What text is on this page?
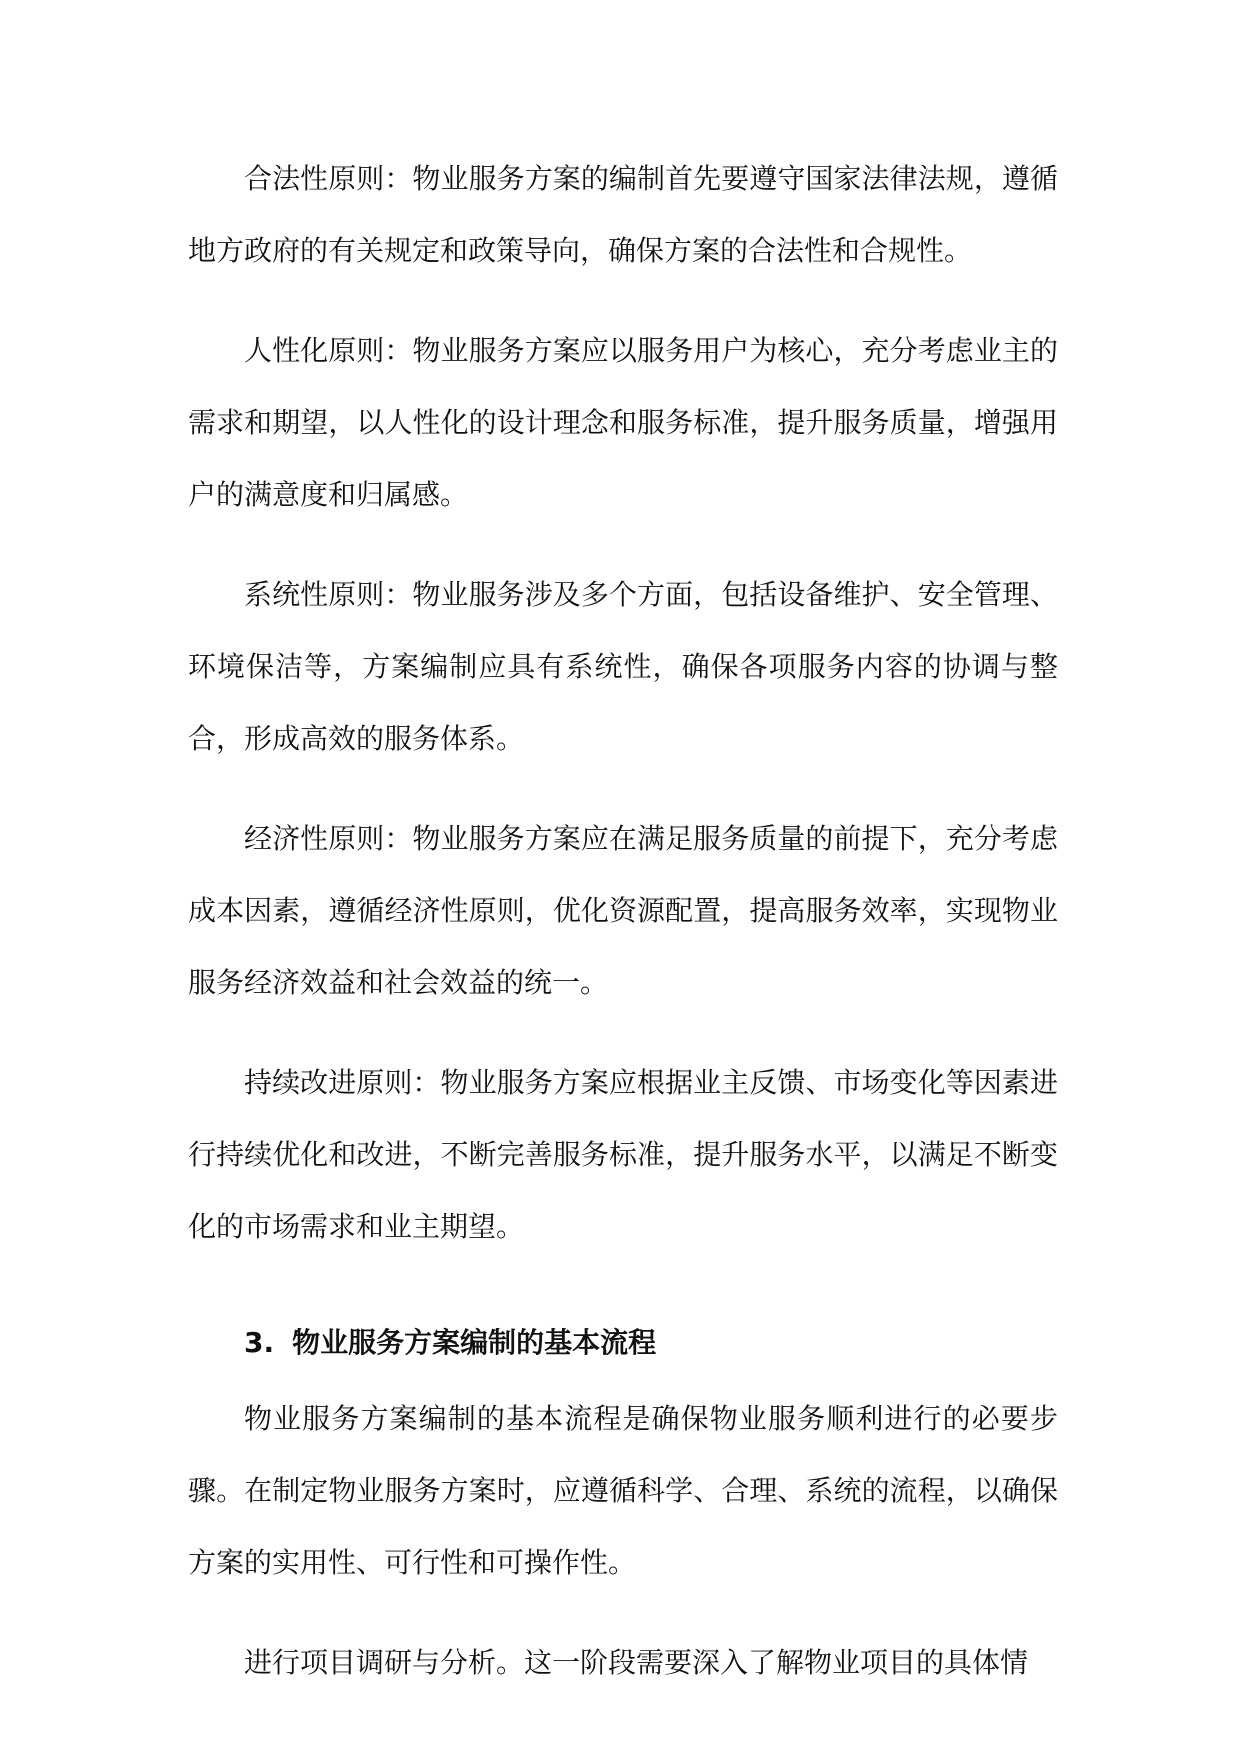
合法性原则：物业服务方案的编制首先要遵守国家法律法规，遵循地方政府的有关规定和政策导向，确保方案的合法性和合规性。

人性化原则：物业服务方案应以服务用户为核心，充分考虑业主的需求和期望，以人性化的设计理念和服务标准，提升服务质量，增强用户的满意度和归属感。

系统性原则：物业服务涉及多个方面，包括设备维护、安全管理、环境保洁等，方案编制应具有系统性，确保各项服务内容的协调与整合，形成高效的服务体系。

经济性原则：物业服务方案应在满足服务质量的前提下，充分考虑成本因素，遵循经济性原则，优化资源配置，提高服务效率，实现物业服务经济效益和社会效益的统一。

持续改进原则：物业服务方案应根据业主反馈、市场变化等因素进行持续优化和改进，不断完善服务标准，提升服务水平，以满足不断变化的市场需求和业主期望。

3. 物业服务方案编制的基本流程

物业服务方案编制的基本流程是确保物业服务顺利进行的必要步骤。在制定物业服务方案时，应遵循科学、合理、系统的流程，以确保方案的实用性、可行性和可操作性。

进行项目调研与分析。这一阶段需要深入了解物业项目的具体情
